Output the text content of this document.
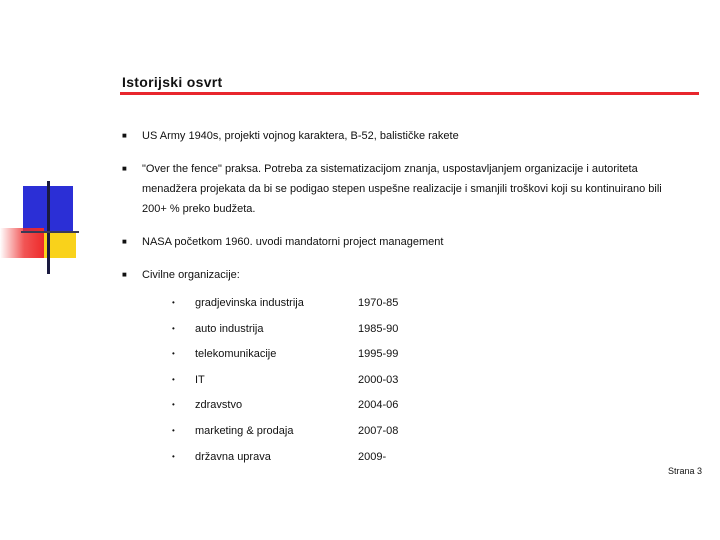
Istorijski osvrt
■ US Army 1940s, projekti vojnog karaktera, B-52, balističke rakete
■ "Over the fence" praksa. Potreba za sistematizacijom znanja, uspostavljanjem organizacije i autoriteta menadžera projekata da bi se podigao stepen uspešne realizacije i smanjili troškovi koji su kontinuirano bili 200+ % preko budžeta.
■ NASA početkom 1960. uvodi mandatorni project management
■ Civilne organizacije:
• gradjevinska industrija	1970-85
• auto industrija	1985-90
• telekomunikacije	1995-99
• IT	2000-03
• zdravstvo	2004-06
• marketing & prodaja	2007-08
• državna uprava	2009-
Strana 3
